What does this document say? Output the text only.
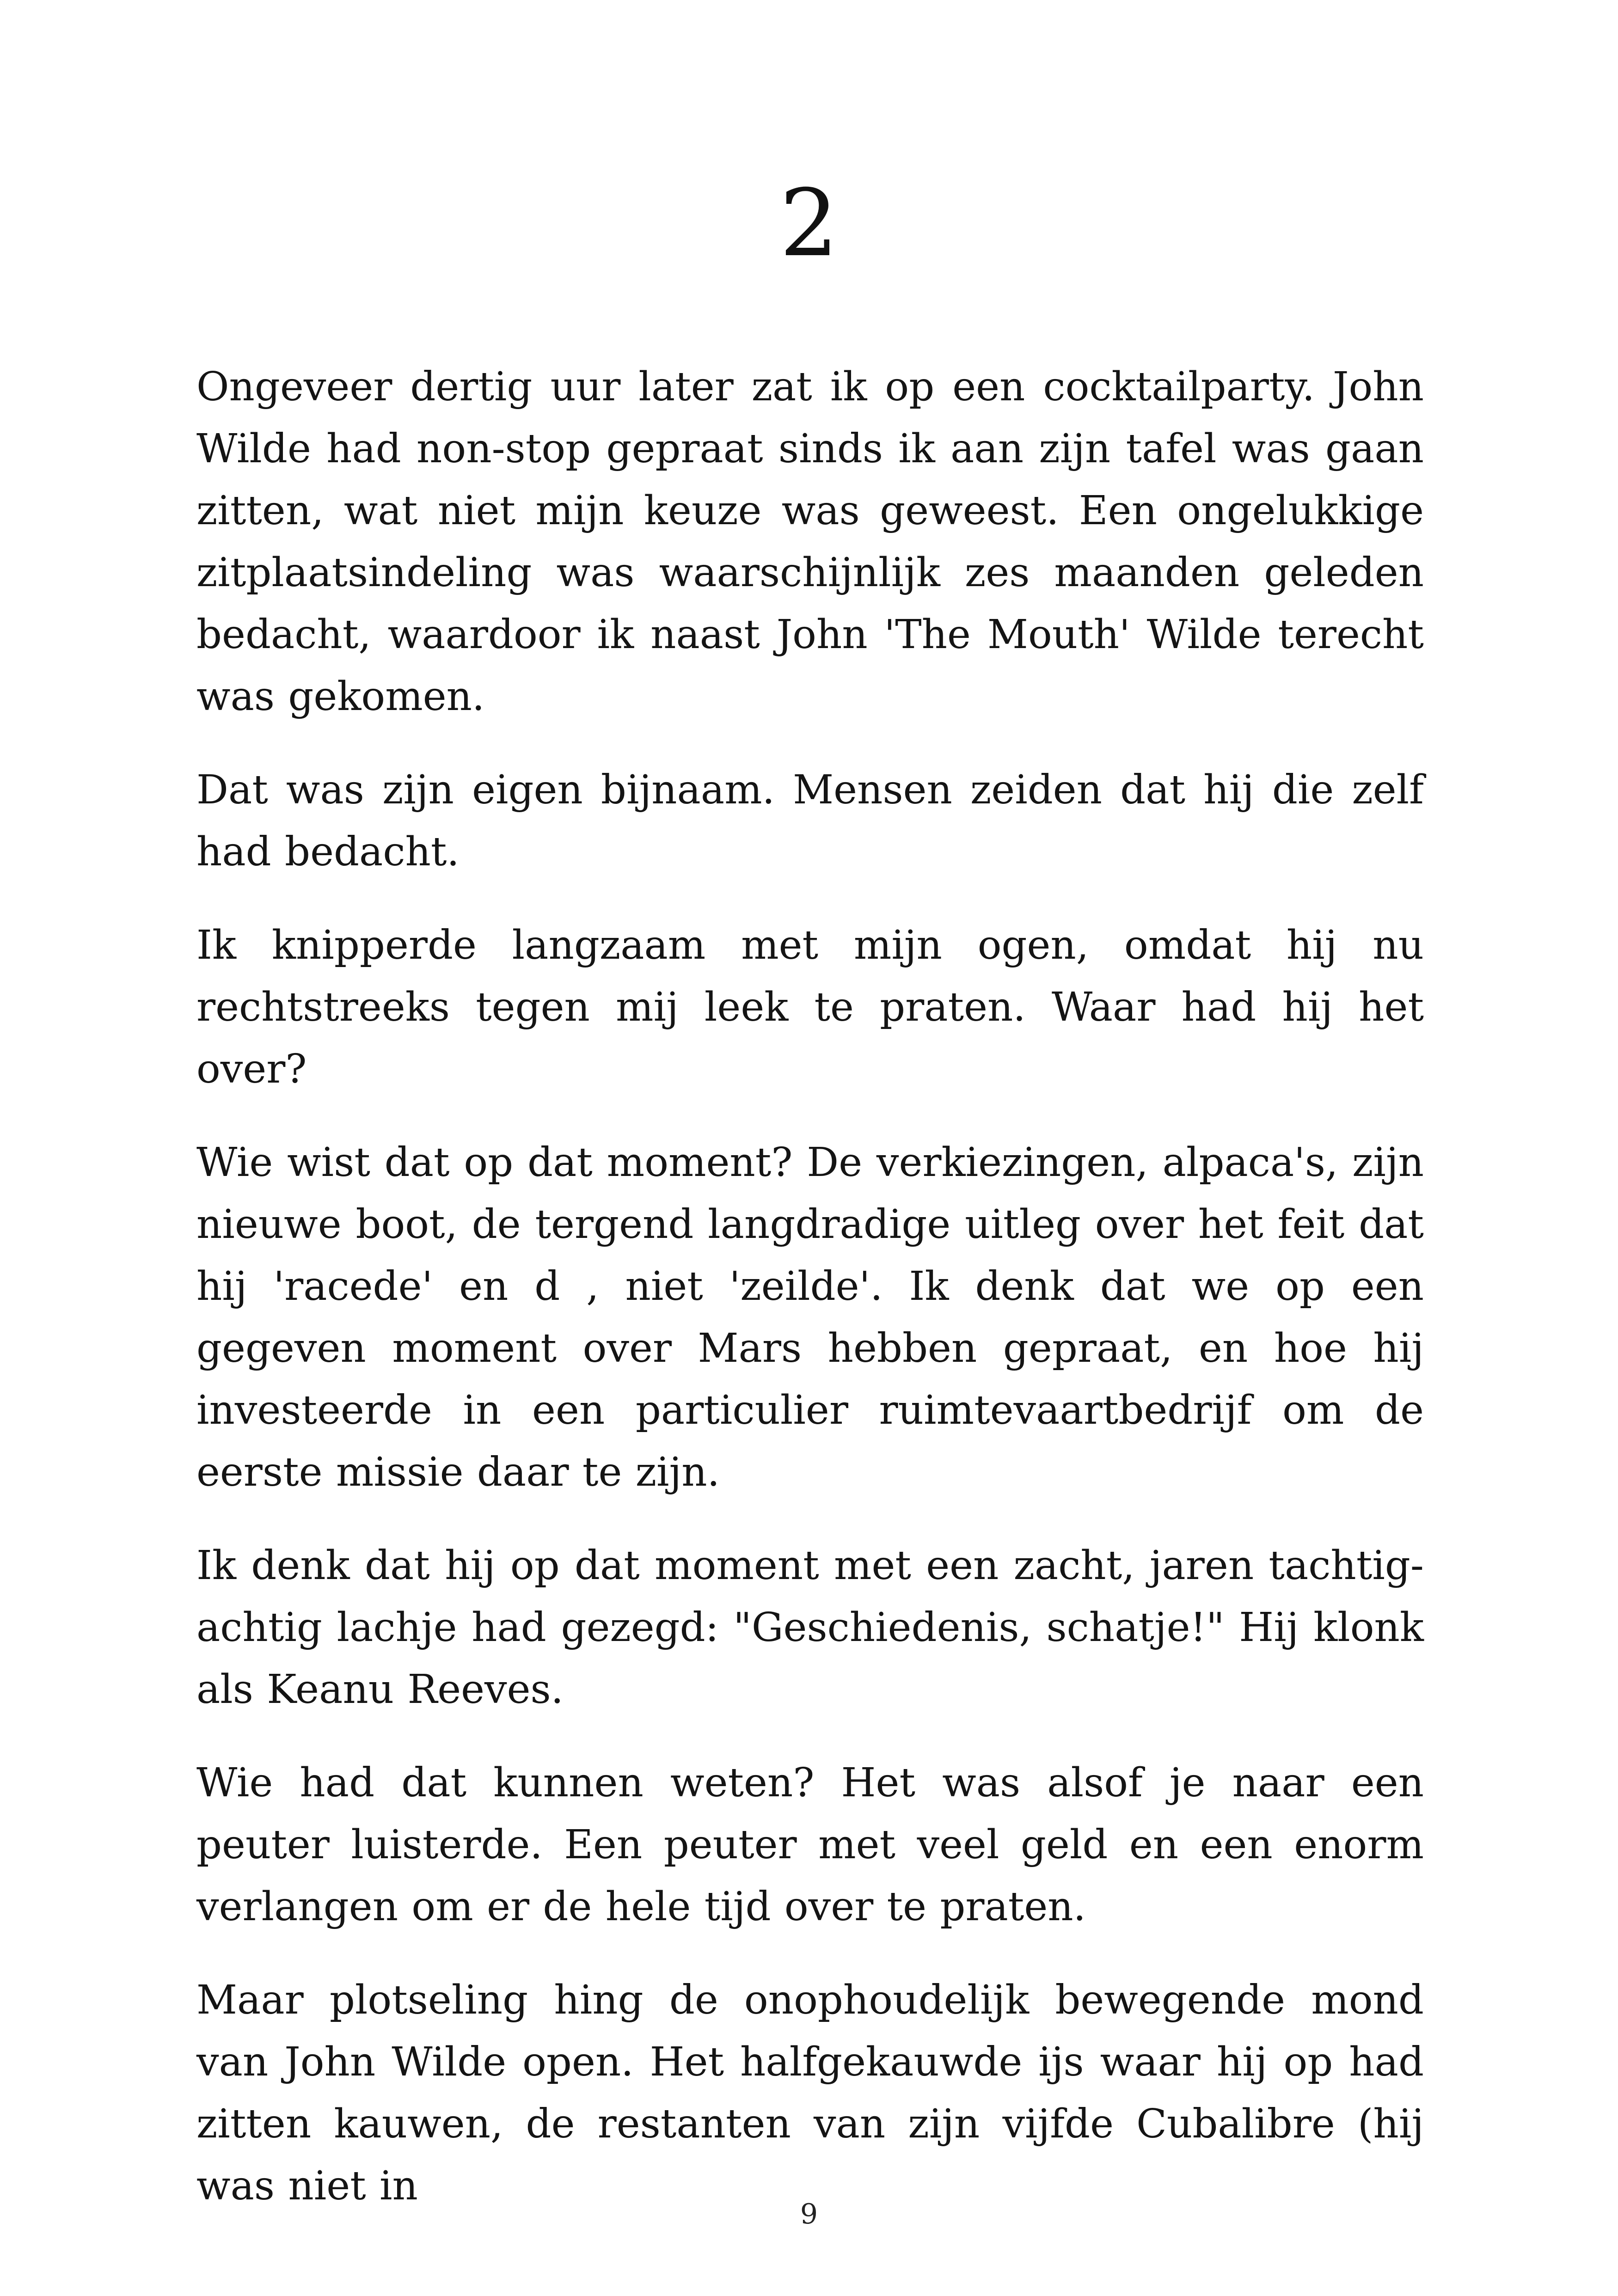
2

Ongeveer dertig uur later zat ik op een cocktailparty. John Wilde had non-stop gepraat sinds ik aan zijn tafel was gaan zitten, wat niet mijn keuze was geweest. Een ongelukkige zitplaatsindeling was waarschijnlijk zes maanden geleden bedacht, waardoor ik naast John 'The Mouth' Wilde terecht was gekomen.

Dat was zijn eigen bijnaam. Mensen zeiden dat hij die zelf had bedacht.

Ik knipperde langzaam met mijn ogen, omdat hij nu rechtstreeks tegen mij leek te praten. Waar had hij het over?

Wie wist dat op dat moment? De verkiezingen, alpaca's, zijn nieuwe boot, de tergend langdradige uitleg over het feit dat hij 'racede' en d , niet 'zeilde'. Ik denk dat we op een gegeven moment over Mars hebben gepraat, en hoe hij investeerde in een particulier ruimtevaartbedrijf om de eerste missie daar te zijn.

Ik denk dat hij op dat moment met een zacht, jaren tachtig-achtig lachje had gezegd: "Geschiedenis, schatje!" Hij klonk als Keanu Reeves.

Wie had dat kunnen weten? Het was alsof je naar een peuter luisterde. Een peuter met veel geld en een enorm verlangen om er de hele tijd over te praten.

Maar plotseling hing de onophoudelijk bewegende mond van John Wilde open. Het halfgekauwde ijs waar hij op had zitten kauwen, de restanten van zijn vijfde Cubalibre (hij was niet in

9
